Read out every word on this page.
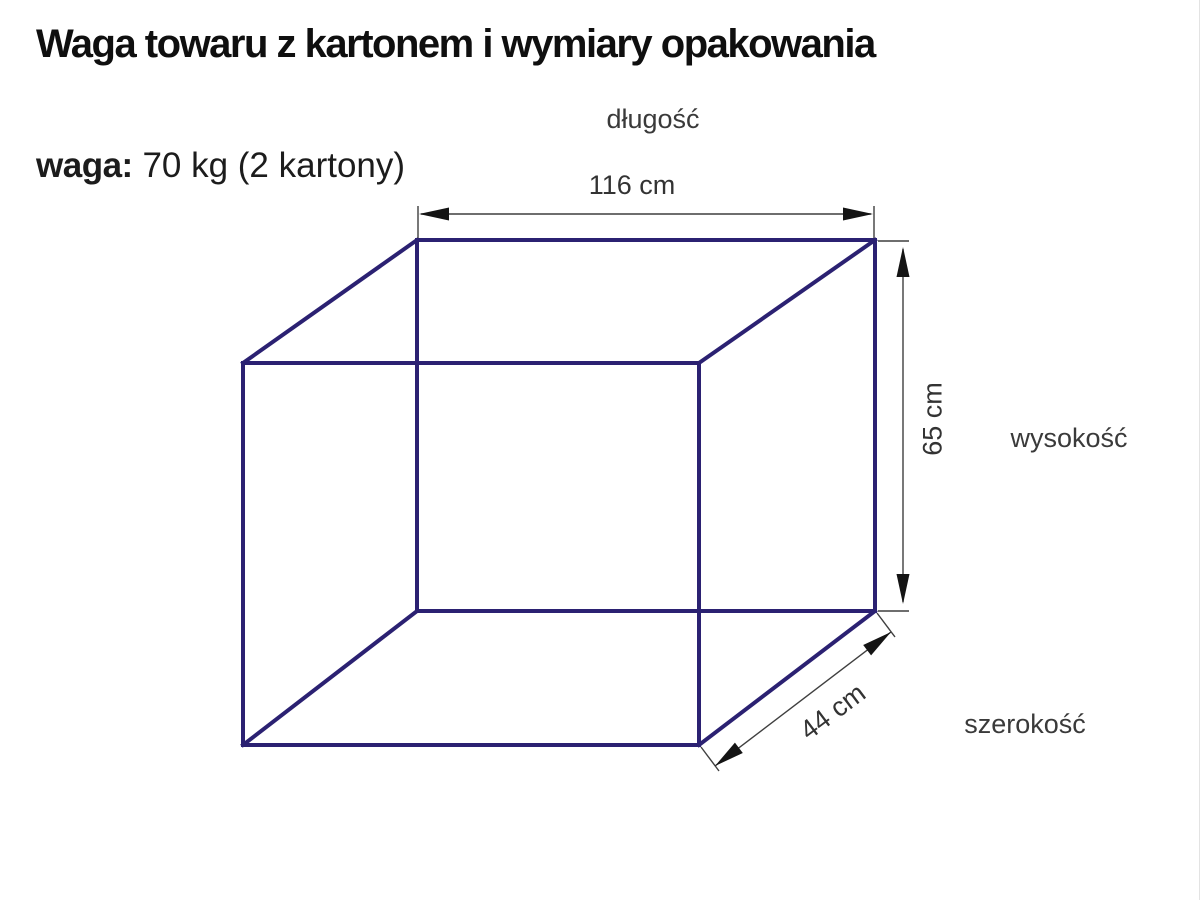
Waga towaru z kartonem i wymiary opakowania
waga: 70 kg (2 kartony)
długość
116 cm
65 cm wysokość
44 cm	szerokość
